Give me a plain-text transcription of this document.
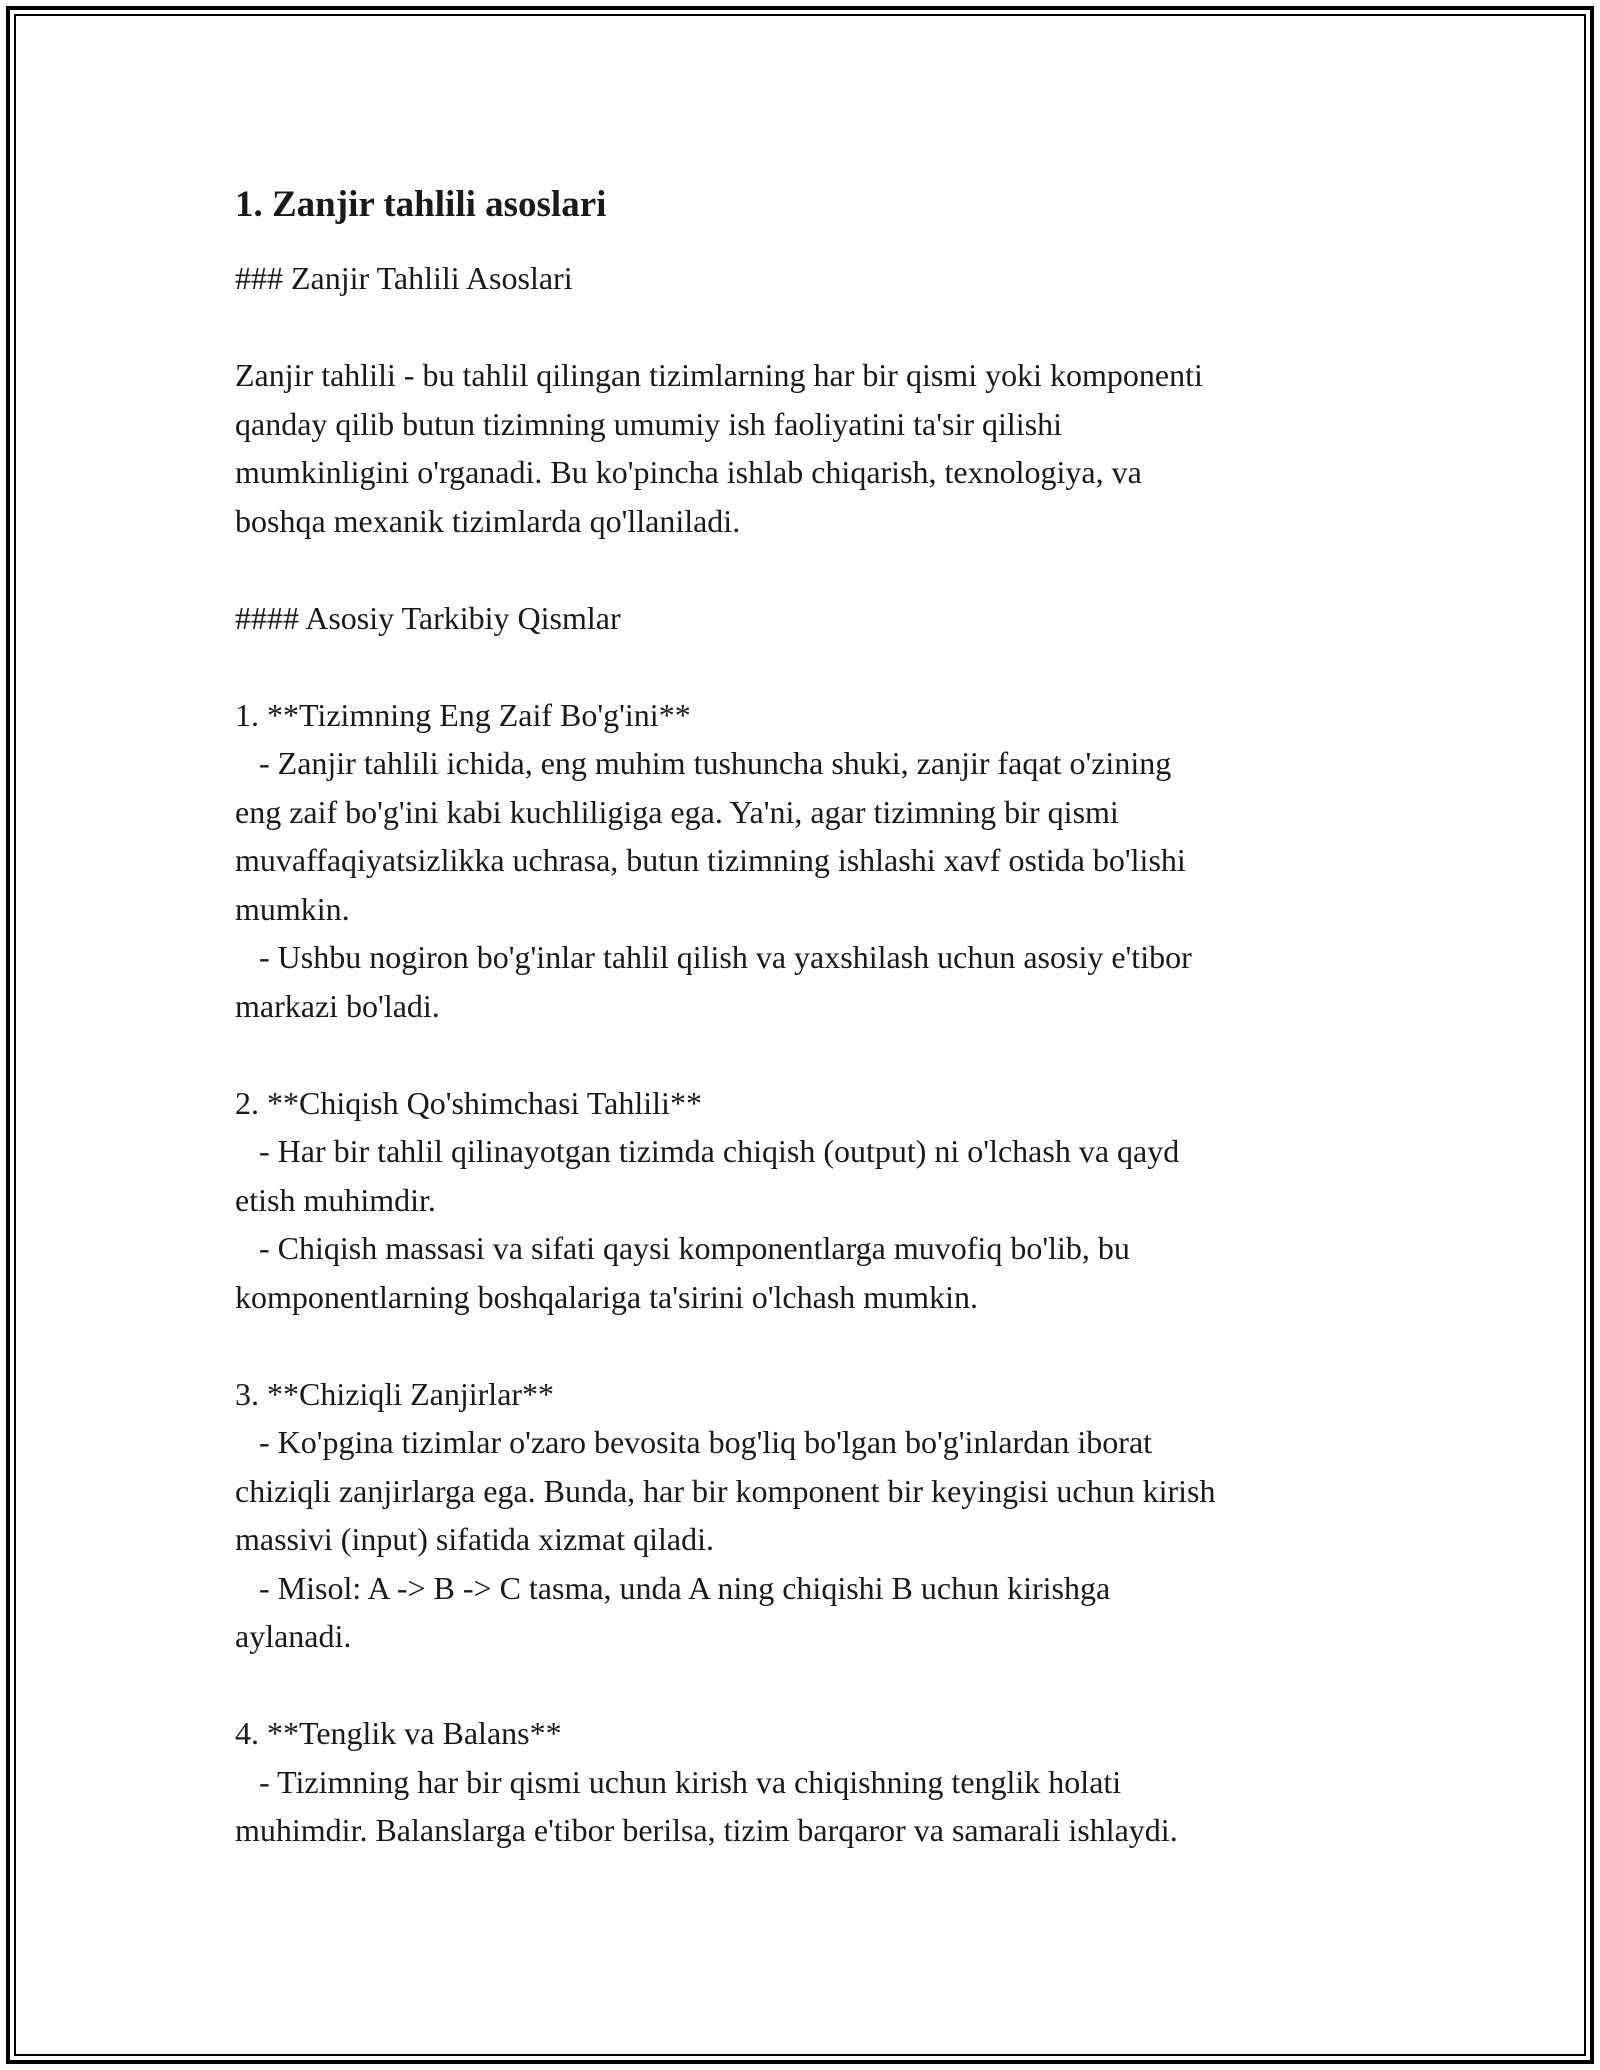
1. Zanjir tahlili asoslari
### Zanjir Tahlili Asoslari
Zanjir tahlili - bu tahlil qilingan tizimlarning har bir qismi yoki komponenti
qanday qilib butun tizimning umumiy ish faoliyatini ta'sir qilishi
mumkinligini o'rganadi. Bu ko'pincha ishlab chiqarish, texnologiya, va
boshqa mexanik tizimlarda qo'llaniladi.
#### Asosiy Tarkibiy Qismlar
1. **Tizimning Eng Zaif Bo'g'ini**
- Zanjir tahlili ichida, eng muhim tushuncha shuki, zanjir faqat o'zining
eng zaif bo'g'ini kabi kuchliligiga ega. Ya'ni, agar tizimning bir qismi
muvaffaqiyatsizlikka uchrasa, butun tizimning ishlashi xavf ostida bo'lishi
mumkin.
- Ushbu nogiron bo'g'inlar tahlil qilish va yaxshilash uchun asosiy e'tibor
markazi bo'ladi.
2. **Chiqish Qo'shimchasi Tahlili**
- Har bir tahlil qilinayotgan tizimda chiqish (output) ni o'lchash va qayd
etish muhimdir.
- Chiqish massasi va sifati qaysi komponentlarga muvofiq bo'lib, bu
komponentlarning boshqalariga ta'sirini o'lchash mumkin.
3. **Chiziqli Zanjirlar**
- Ko'pgina tizimlar o'zaro bevosita bog'liq bo'lgan bo'g'inlardan iborat
chiziqli zanjirlarga ega. Bunda, har bir komponent bir keyingisi uchun kirish
massivi (input) sifatida xizmat qiladi.
- Misol: A -> B -> C tasma, unda A ning chiqishi B uchun kirishga
aylanadi.
4. **Tenglik va Balans**
- Tizimning har bir qismi uchun kirish va chiqishning tenglik holati
muhimdir. Balanslarga e'tibor berilsa, tizim barqaror va samarali ishlaydi.
